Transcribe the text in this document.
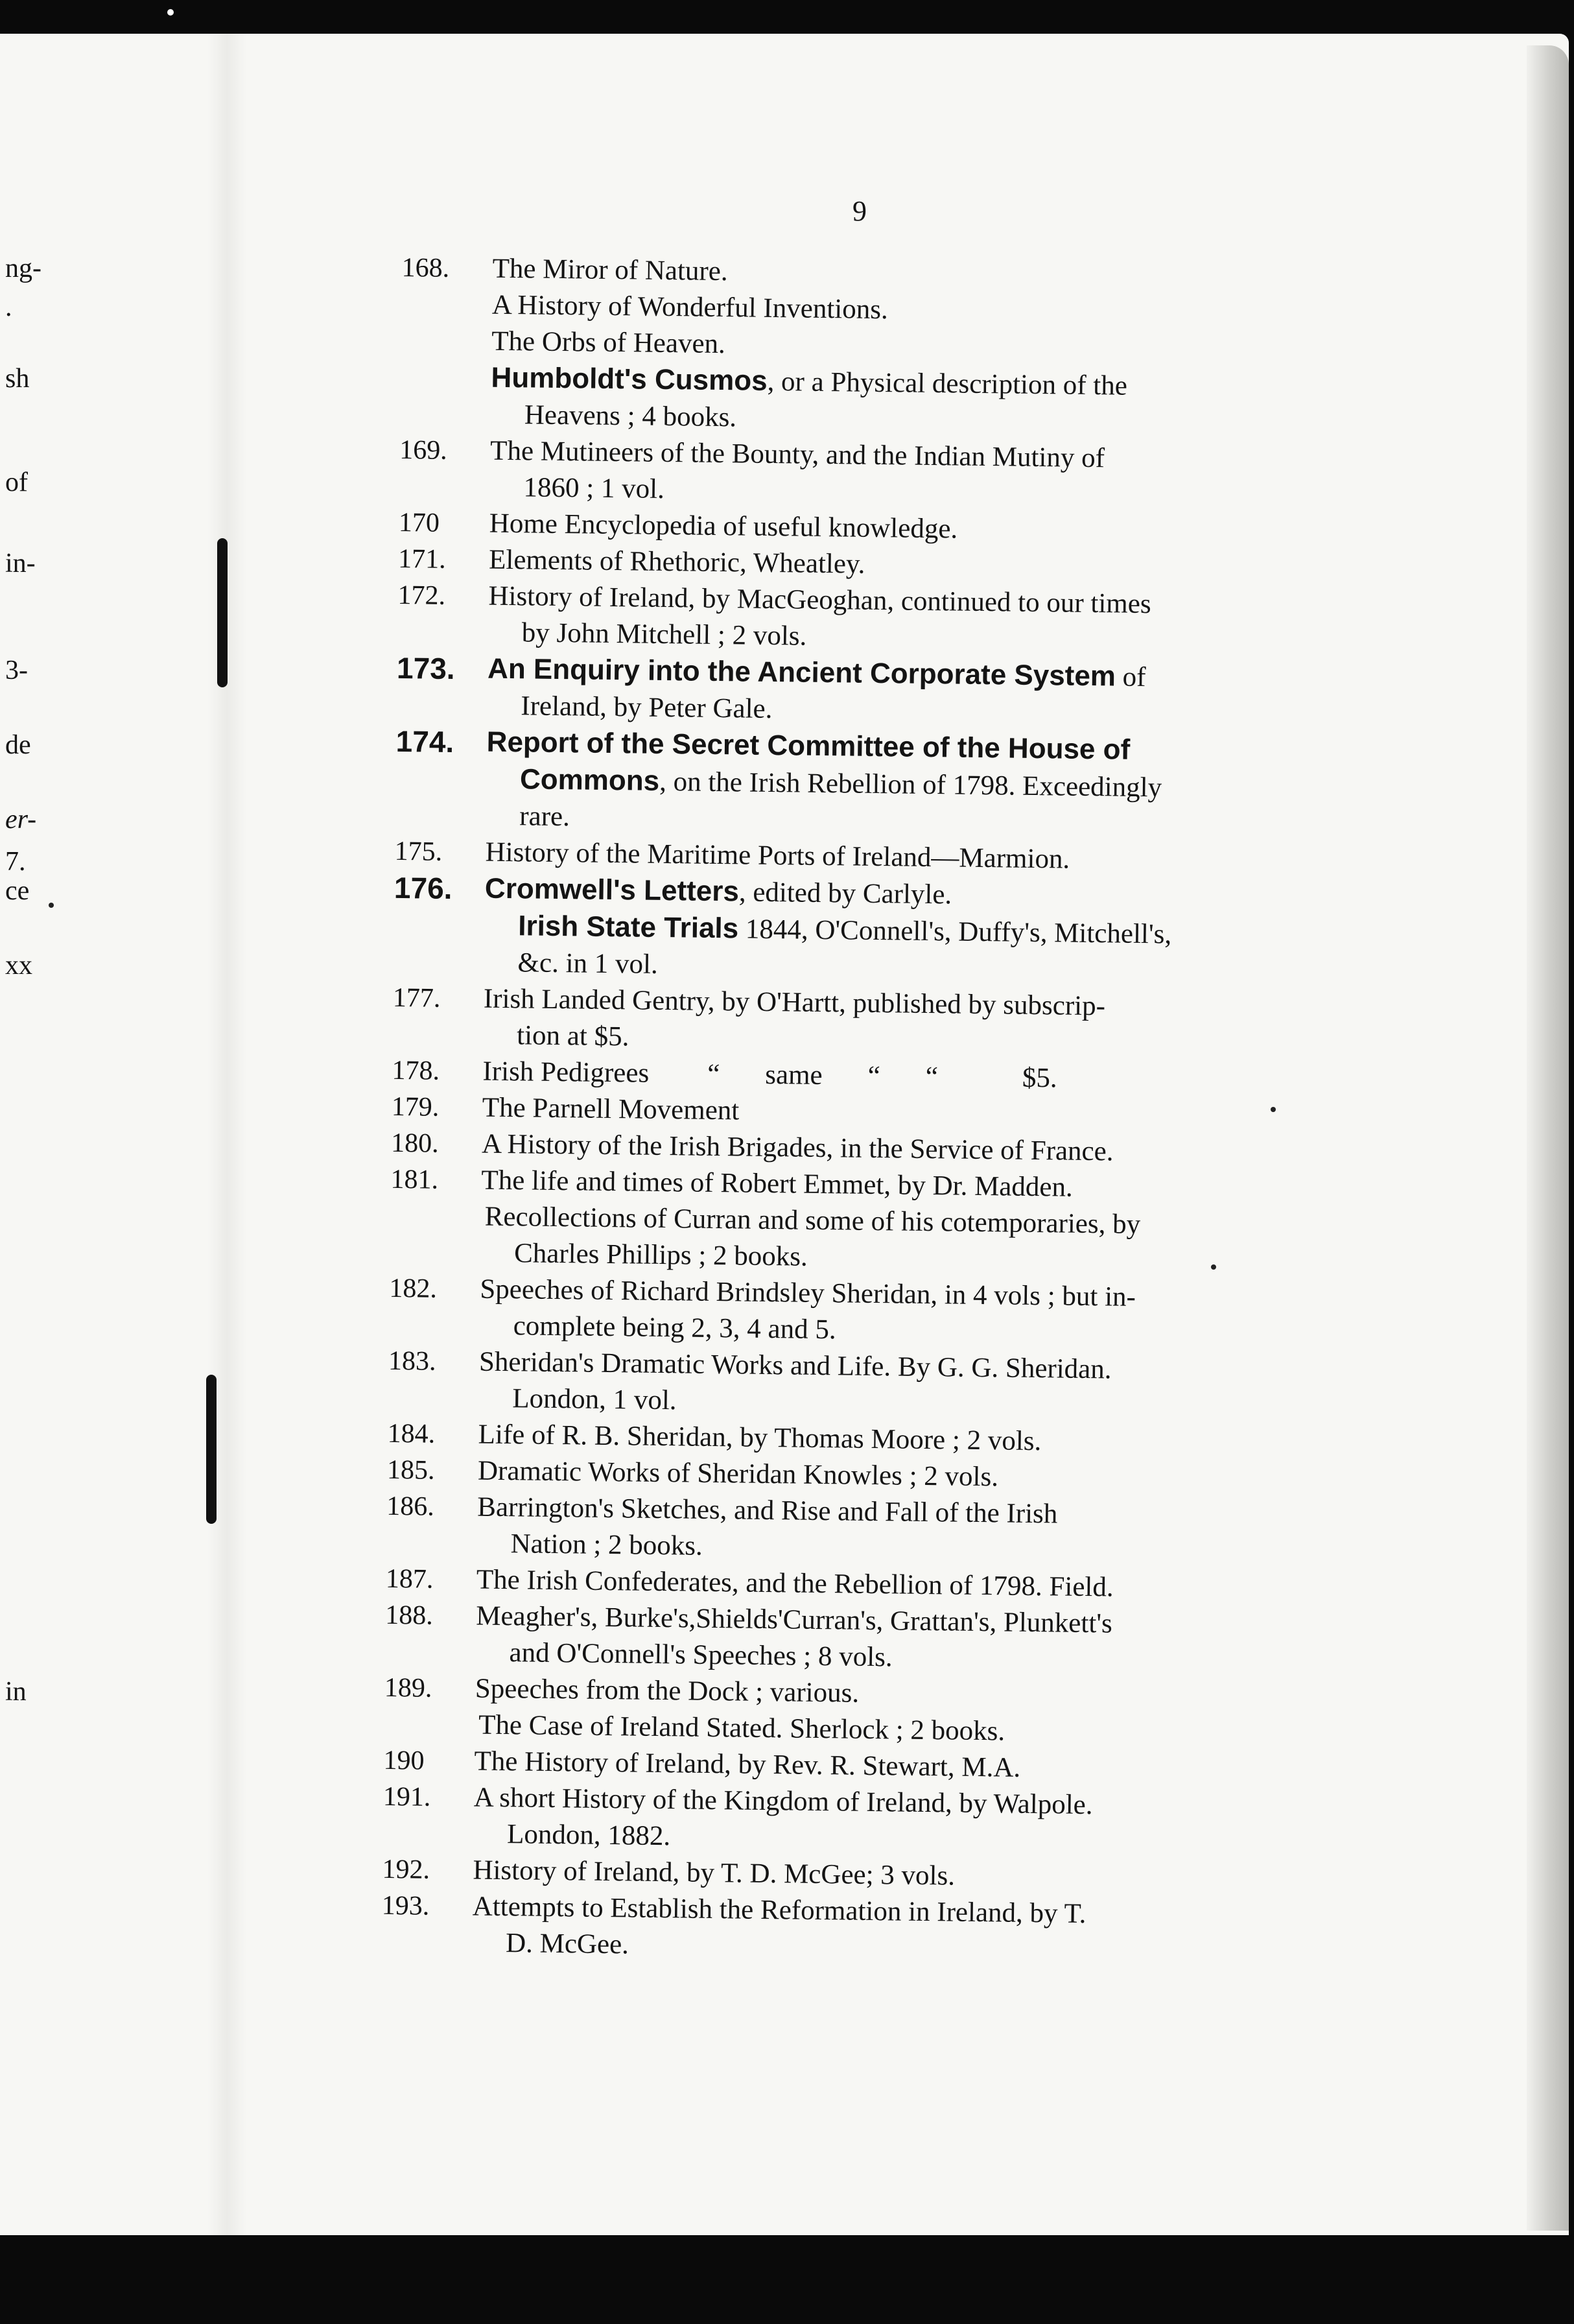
ng-
.
sh
of
in-
3-
de
er-
7.
ce
xx
in
9
168.	The Miror of Nature.
A History of Wonderful Inventions.
The Orbs of Heaven.
Humboldt's Cusmos, or a Physical description of the
Heavens ; 4 books.
169.	The Mutineers of the Bounty, and the Indian Mutiny of
1860 ; 1 vol.
170	Home Encyclopedia of useful knowledge.
171.	Elements of Rhethoric, Wheatley.
172.	History of Ireland, by MacGeoghan, continued to our times
by John Mitchell ; 2 vols.
173.	An Enquiry into the Ancient Corporate System of
Ireland, by Peter Gale.
174.	Report of the Secret Committee of the House of
Commons, on the Irish Rebellion of 1798. Exceedingly
rare.
175.	History of the Maritime Ports of Ireland—Marmion.
176.	Cromwell's Letters, edited by Carlyle.
Irish State Trials 1844, O'Connell's, Duffy's, Mitchell's,
&c. in 1 vol.
177.	Irish Landed Gentry, by O'Hartt, published by subscrip-
tion at $5.
178.	Irish Pedigrees “ same “ “	$5.
179.	The Parnell Movement
180.	A History of the Irish Brigades, in the Service of France.
181.	The life and times of Robert Emmet, by Dr. Madden.
Recollections of Curran and some of his cotemporaries, by
Charles Phillips ; 2 books.
182.	Speeches of Richard Brindsley Sheridan, in 4 vols ; but in-
complete being 2, 3, 4 and 5.
183.	Sheridan's Dramatic Works and Life. By G. G. Sheridan.
London, 1 vol.
184.	Life of R. B. Sheridan, by Thomas Moore ; 2 vols.
185.	Dramatic Works of Sheridan Knowles ; 2 vols.
186.	Barrington's Sketches, and Rise and Fall of the Irish
Nation ; 2 books.
187.	The Irish Confederates, and the Rebellion of 1798. Field.
188.	Meagher's, Burke's,Shields'Curran's, Grattan's, Plunkett's
and O'Connell's Speeches ; 8 vols.
189.	Speeches from the Dock ; various.
The Case of Ireland Stated. Sherlock ; 2 books.
190	The History of Ireland, by Rev. R. Stewart, M.A.
191.	A short History of the Kingdom of Ireland, by Walpole.
London, 1882.
192.	History of Ireland, by T. D. McGee; 3 vols.
193.	Attempts to Establish the Reformation in Ireland, by T.
D. McGee.
